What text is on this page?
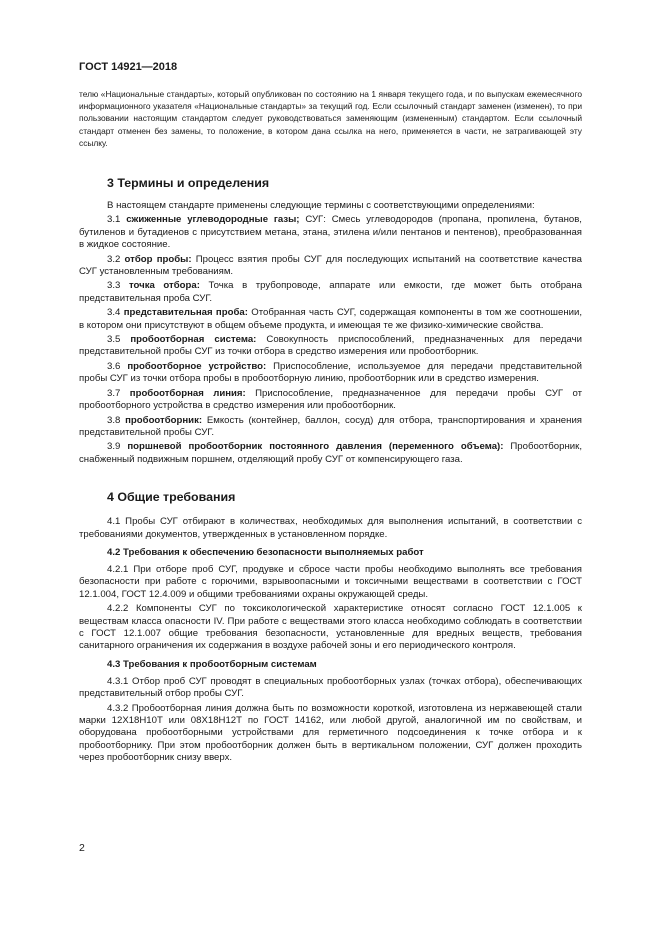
ГОСТ 14921—2018

телю «Национальные стандарты», который опубликован по состоянию на 1 января текущего года, и по выпускам ежемесячного информационного указателя «Национальные стандарты» за текущий год. Если ссылочный стандарт заменен (изменен), то при пользовании настоящим стандартом следует руководствоваться заменяющим (измененным) стандартом. Если ссылочный стандарт отменен без замены, то положение, в котором дана ссылка на него, применяется в части, не затрагивающей эту ссылку.

3 Термины и определения

В настоящем стандарте применены следующие термины с соответствующими определениями:

3.1 сжиженные углеводородные газы; СУГ: Смесь углеводородов (пропана, пропилена, бутанов, бутиленов и бутадиенов с присутствием метана, этана, этилена и/или пентанов и пентенов), преобразованная в жидкое состояние.

3.2 отбор пробы: Процесс взятия пробы СУГ для последующих испытаний на соответствие качества СУГ установленным требованиям.

3.3 точка отбора: Точка в трубопроводе, аппарате или емкости, где может быть отобрана представительная проба СУГ.

3.4 представительная проба: Отобранная часть СУГ, содержащая компоненты в том же соотношении, в котором они присутствуют в общем объеме продукта, и имеющая те же физико-химические свойства.

3.5 пробоотборная система: Совокупность приспособлений, предназначенных для передачи представительной пробы СУГ из точки отбора в средство измерения или пробоотборник.

3.6 пробоотборное устройство: Приспособление, используемое для передачи представительной пробы СУГ из точки отбора пробы в пробоотборную линию, пробоотборник или в средство измерения.

3.7 пробоотборная линия: Приспособление, предназначенное для передачи пробы СУГ от пробоотборного устройства в средство измерения или пробоотборник.

3.8 пробоотборник: Емкость (контейнер, баллон, сосуд) для отбора, транспортирования и хранения представительной пробы СУГ.

3.9 поршневой пробоотборник постоянного давления (переменного объема): Пробоотборник, снабженный подвижным поршнем, отделяющий пробу СУГ от компенсирующего газа.

4 Общие требования

4.1 Пробы СУГ отбирают в количествах, необходимых для выполнения испытаний, в соответствии с требованиями документов, утвержденных в установленном порядке.

4.2 Требования к обеспечению безопасности выполняемых работ

4.2.1 При отборе проб СУГ, продувке и сбросе части пробы необходимо выполнять все требования безопасности при работе с горючими, взрывоопасными и токсичными веществами в соответствии с ГОСТ 12.1.004, ГОСТ 12.4.009 и общими требованиями охраны окружающей среды.

4.2.2 Компоненты СУГ по токсикологической характеристике относят согласно ГОСТ 12.1.005 к веществам класса опасности IV. При работе с веществами этого класса необходимо соблюдать в соответствии с ГОСТ 12.1.007 общие требования безопасности, установленные для вредных веществ, требования санитарного ограничения их содержания в воздухе рабочей зоны и его периодического контроля.

4.3 Требования к пробоотборным системам

4.3.1 Отбор проб СУГ проводят в специальных пробоотборных узлах (точках отбора), обеспечивающих представительный отбор пробы СУГ.

4.3.2 Пробоотборная линия должна быть по возможности короткой, изготовлена из нержавеющей стали марки 12Х18Н10Т или 08Х18Н12Т по ГОСТ 14162, или любой другой, аналогичной им по свойствам, и оборудована пробоотборными устройствами для герметичного подсоединения к точке отбора и к пробоотборнику. При этом пробоотборник должен быть в вертикальном положении, СУГ должен проходить через пробоотборник снизу вверх.

2
